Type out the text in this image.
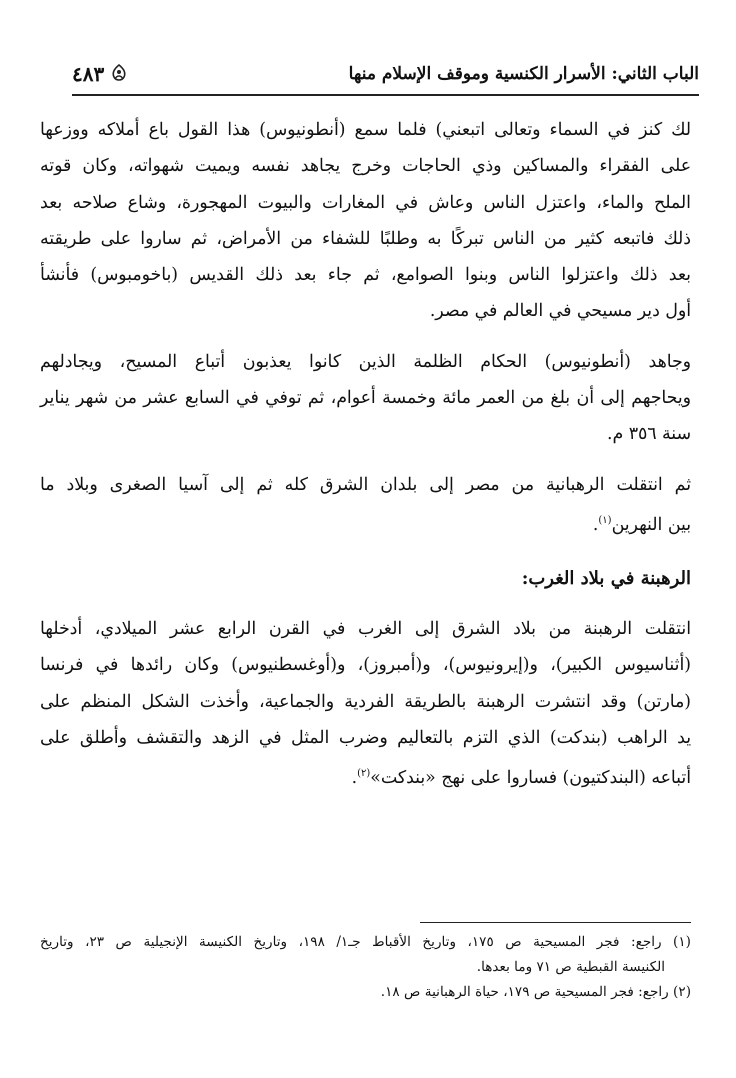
الباب الثاني: الأسرار الكنسية وموقف الإسلام منها
٤٨٣

لك كنز في السماء وتعالى اتبعني) فلما سمع (أنطونيوس) هذا القول باع أملاكه ووزعها
على الفقراء والمساكين وذي الحاجات وخرج يجاهد نفسه ويميت شهواته، وكان قوته
الملح والماء، واعتزل الناس وعاش في المغارات والبيوت المهجورة، وشاع صلاحه بعد
ذلك فاتبعه كثير من الناس تبركًا به وطلبًا للشفاء من الأمراض، ثم ساروا على طريقته
بعد ذلك واعتزلوا الناس وبنوا الصوامع، ثم جاء بعد ذلك القديس (باخومبوس) فأنشأ
أول دير مسيحي في العالم في مصر.

وجاهد (أنطونيوس) الحكام الظلمة الذين كانوا يعذبون أتباع المسيح، ويجادلهم
ويحاجهم إلى أن بلغ من العمر مائة وخمسة أعوام، ثم توفي في السابع عشر من شهر يناير
سنة ٣٥٦ م.

ثم انتقلت الرهبانية من مصر إلى بلدان الشرق كله ثم إلى آسيا الصغرى وبلاد ما
بين النهرين$^{(١)}$.

الرهبنة في بلاد الغرب:

انتقلت الرهبنة من بلاد الشرق إلى الغرب في القرن الرابع عشر الميلادي، أدخلها
(أثناسيوس الكبير)، و(إيرونيوس)، و(أمبروز)، و(أوغسطنيوس) وكان رائدها في فرنسا
(مارتن) وقد انتشرت الرهبنة بالطريقة الفردية والجماعية، وأخذت الشكل المنظم على
يد الراهب (بندكت) الذي التزم بالتعاليم وضرب المثل في الزهد والتقشف وأطلق على
أتباعه (البندكتيون) فساروا على نهج «بندكت»$^{(٢)}$.

(١) راجع: فجر المسيحية ص ١٧٥، وتاريخ الأقباط جـ١/ ١٩٨، وتاريخ الكنيسة الإنجيلية ص ٢٣، وتاريخ
الكنيسة القبطية ص ٧١ وما بعدها.

(٢) راجع: فجر المسيحية ص ١٧٩، حياة الرهبانية ص ١٨.
